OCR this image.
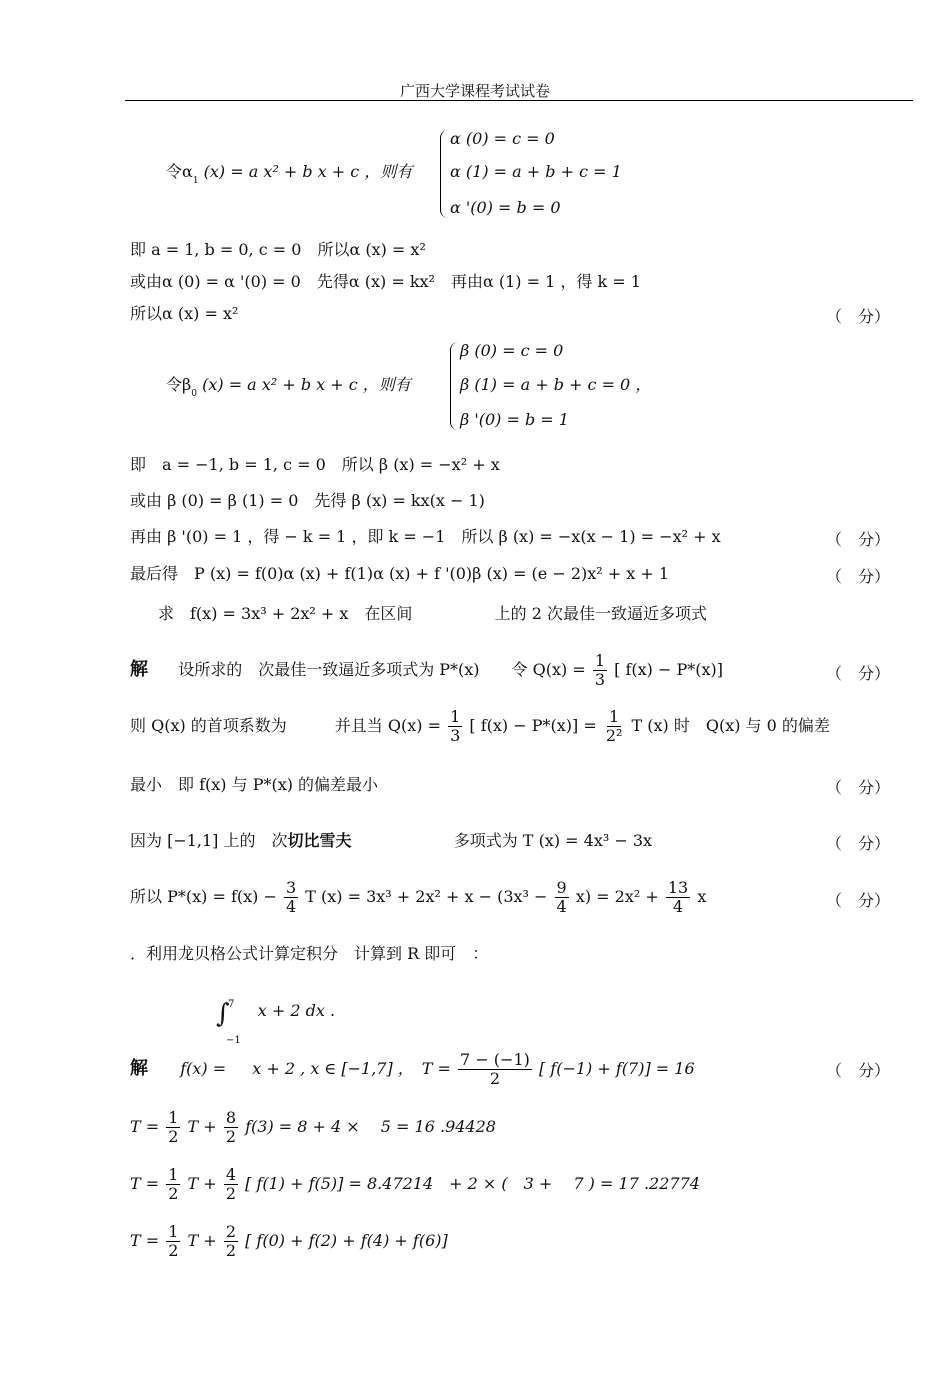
广西大学课程考试试卷
令$\alpha_1$ (x) = a x² + b x + c ，则有
α (0) = c = 0
α (1) = a + b + c = 1
α '(0) = b = 0
即 a = 1, b = 0, c = 0　所以α (x) = x²
或由α (0) = α '(0) = 0　先得α (x) = kx²　再由α (1) = 1 ，得 k = 1
所以α (x) = x²	（　分）
令$\beta_0$ (x) = a x² + b x + c ，则有
β (0) = c = 0
β (1) = a + b + c = 0 ，
β '(0) = b = 1
即　a = −1, b = 1, c = 0　所以 β (x) = −x² + x
或由 β (0) = β (1) = 0　先得 β (x) = kx(x − 1)
再由 β '(0) = 1 ，得 − k = 1 ，即 k = −1　所以 β (x) = −x(x − 1) = −x² + x	（　分）
最后得　P (x) = f(0)α (x) + f(1)α (x) + f '(0)β (x) = (e − 2)x² + x + 1	（　分）
求　f(x) = 3x³ + 2x² + x　在区间	上的 2 次最佳一致逼近多项式
解 设所求的　次最佳一致逼近多项式为 P*(x)　　令 $Q(x) = \frac{1}{3}$ [ f(x) − P*(x)]	（　分）
则 Q(x) 的首项系数为　　　并且当 $Q(x) = \frac{1}{3}$ [ $f(x) - P*(x)] = \frac{1}{\text{2²}}$ T (x) 时　Q(x) 与 0 的偏差
最小　即 f(x) 与 P*(x) 的偏差最小	（　分）
因为 [−1,1] 上的　次切比雪夫	多项式为 T (x) = 4x³ − 3x	（　分）
所以 $P*(x) = f(x) - \frac{3}{4}$ T $(x) = 3x^3 + 2x^2 + x - (3x^3 - \frac{9}{4} x) = 2x^2 + \frac{13}{4}$ x	（　分）
．利用龙贝格公式计算定积分　计算到 R 即可　：
∫
7
−1
x + 2 dx .
解 f(x) = 　 x + 2 , x ∈ [−1,7] ，　$T = \frac{7 - (-1)}{2}$ [ f(−1) + f(7)] = 16	（　分）
$T = \frac{1}{2}$ $T + \frac{8}{2} f(3) = 8 + 4$ ×　 5 = 16 .94428
$T = \frac{1}{2}$ $T + \frac{4}{2}$ [ f(1) + f(5)] = 8.47214　+ 2 × (　3 +　 7 ) = 17 .22774
$T = \frac{1}{2}$ $T + \frac{2}{2}$ [ f(0) + f(2) + f(4) + f(6)]
